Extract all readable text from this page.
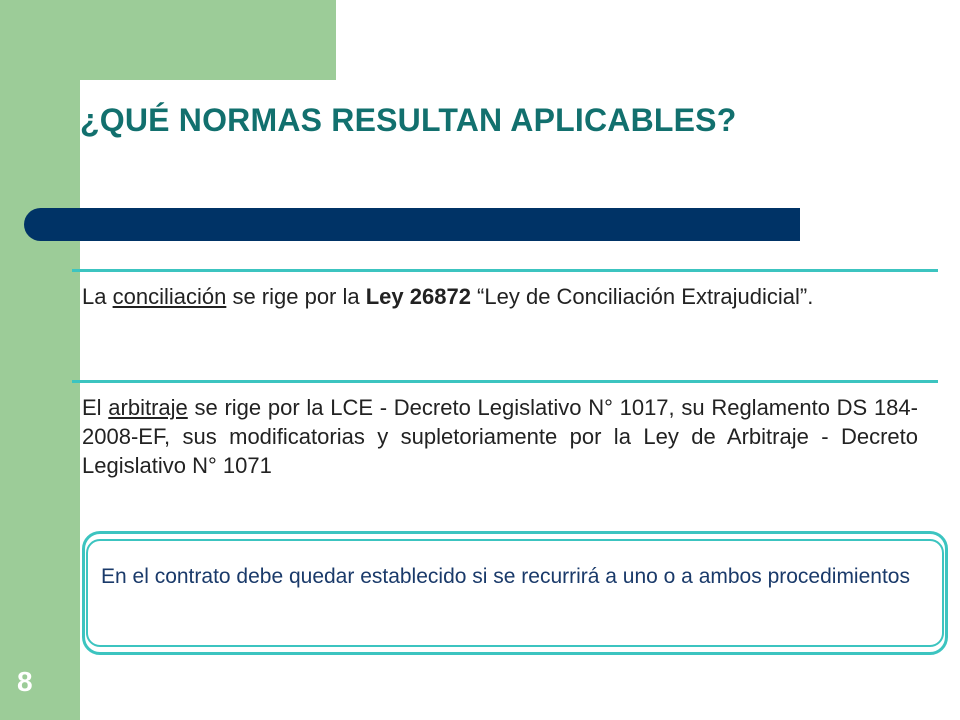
¿QUÉ NORMAS RESULTAN APLICABLES?

La conciliación se rige por la Ley 26872 “Ley de Conciliación Extrajudicial”.

El arbitraje se rige por la LCE - Decreto Legislativo N° 1017, su Reglamento DS 184-2008-EF, sus modificatorias y supletoriamente por la Ley de Arbitraje - Decreto Legislativo N° 1071

En el contrato debe quedar establecido si se recurrirá a uno o a ambos procedimientos

8
